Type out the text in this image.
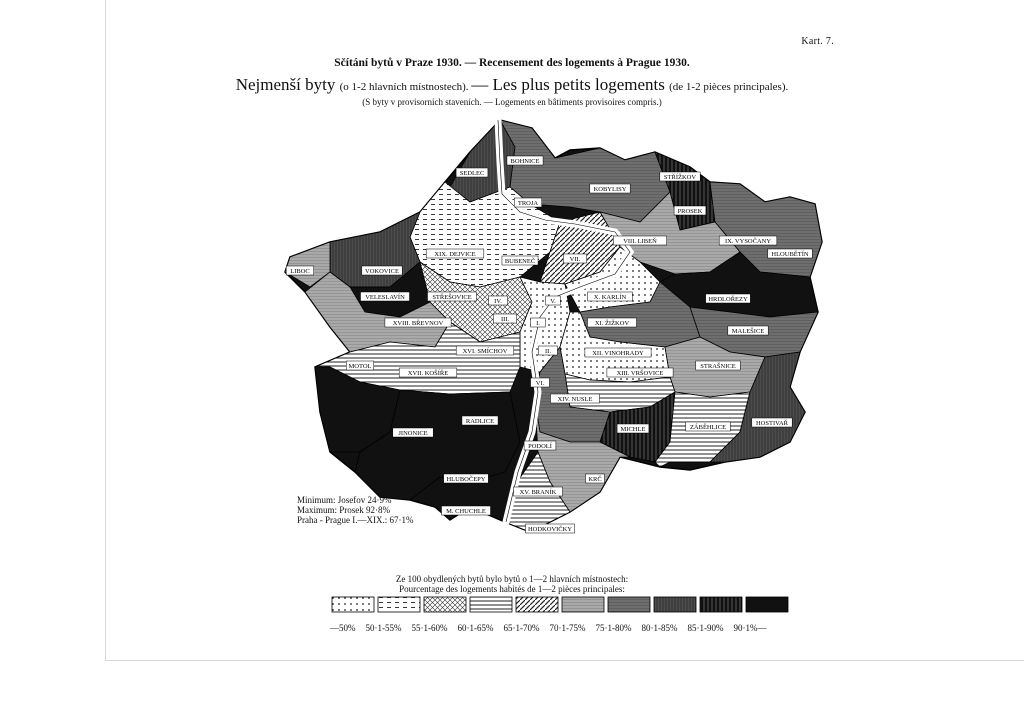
Kart. 7.
Sčítání bytů v Praze 1930. — Recensement des logements à Prague 1930.
Nejmenší byty (o 1-2 hlavních místnostech). — Les plus petits logements (de 1-2 pièces principales).
(S byty v provisorních staveních. — Logements en bâtiments provisoires compris.)
BOHNICE
SEDLEC
KOBYLISY
STŘÍŽKOV
TROJA
PROSEK
IX. VYSOČANY
VIII. LIBEŇ
HLOUBĚTÍN
XIX. DEJVICE
BUBENEČ	VII.
LIBOC	VOKOVICE
VELESLAVÍN	STŘEŠOVICE
IV.	V.
X. KARLÍN	HRDLOŘEZY
XVIII. BŘEVNOV
III.
I.	XI. ŽIŽKOV
MALEŠICE
XVI. SMÍCHOV	II.	XII. VINOHRADY
MOTOL
XVII. KOŠÍŘE	XIII. VRŠOVICE
STRAŠNICE
VI.
XIV. NUSLE
RADLICE
JINONICE
MICHLE	ZÁBĚHLICE
HOSTIVAŘ
PODOLÍ
HLUBOČEPY
XV. BRANÍK
KRČ
M. CHUCHLE
HODKOVIČKY
Minimum: Josefov 24·9%
Maximum: Prosek 92·8%
Praha - Prague I.—XIX.: 67·1%
Ze 100 obydlených bytů bylo bytů o 1—2 hlavních místnostech:
Pourcentage des logements habités de 1—2 pièces principales:
—50% 50·1-55% 55·1-60% 60·1-65% 65·1-70% 70·1-75% 75·1-80% 80·1-85% 85·1-90% 90·1%—
